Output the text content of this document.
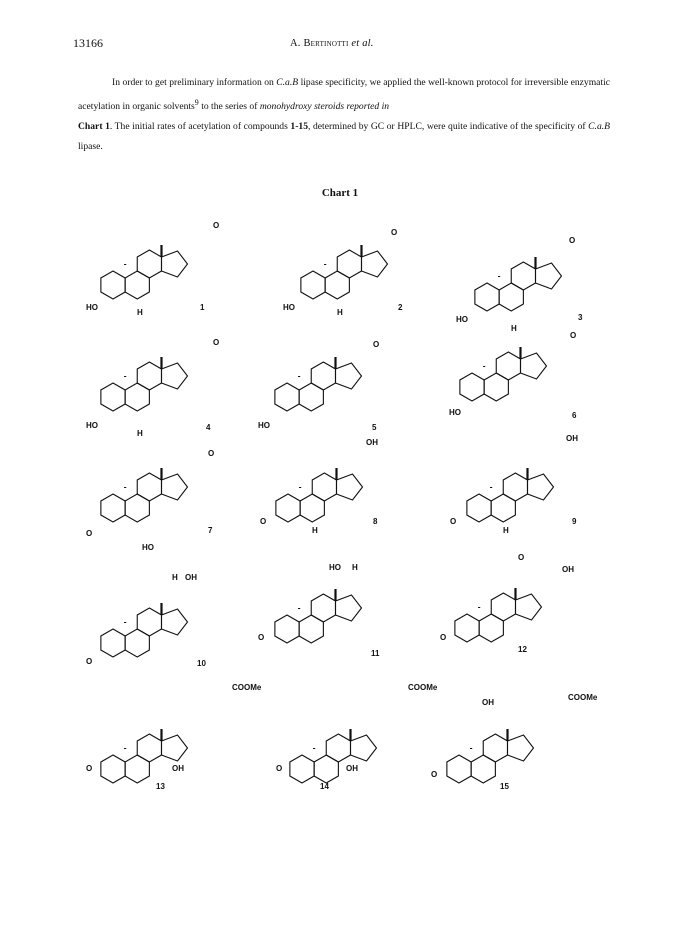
13166	A. Bertinotti et al.
In order to get preliminary information on C.a.B lipase specificity, we applied the well-known protocol for irreversible enzymatic acetylation in organic solvents$^9$ to the series of monohydroxy steroids reported in
Chart 1. The initial rates of acetylation of compounds 1-15, determined by GC or HPLC, were quite indicative of the specificity of C.a.B lipase.
Chart 1
1
O
HO
H
2
O
HO
H
3
O
HO
H
4
O
HO
H
5
O
HO
6
O
HO
7
O
O
HO
8
OH
O
H
9
OH
O
H
10
H OH
O
11
HO H
O
12
O
OH
O
13
COOMe
O	OH
14
COOMe
O	OH
15
COOMe
OH
O
